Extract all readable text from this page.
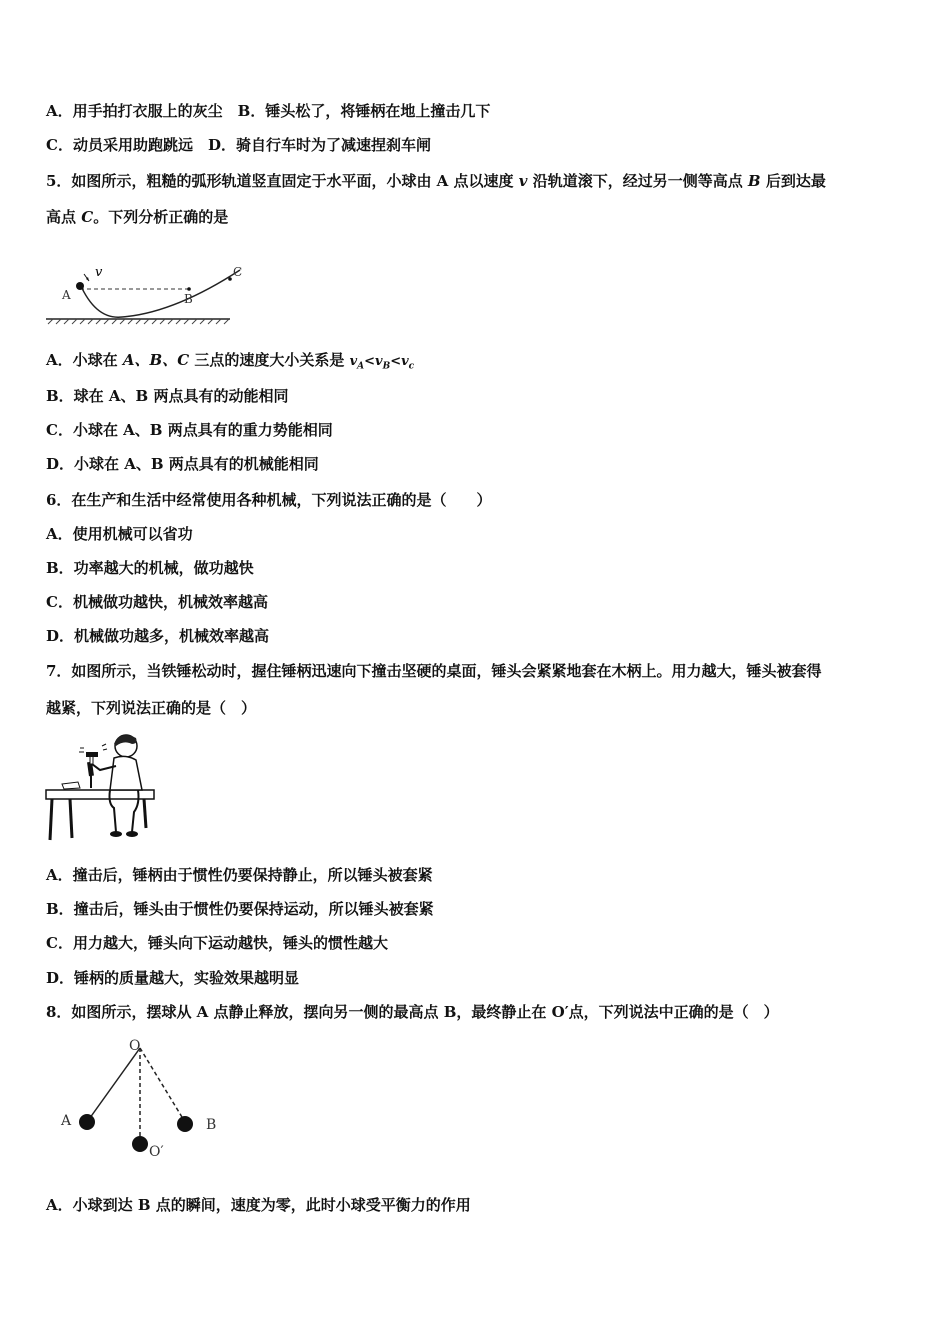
A．用手拍打衣服上的灰尘　B．锤头松了，将锤柄在地上撞击几下
C．动员采用助跑跳远　D．骑自行车时为了减速捏刹车闸
5．如图所示，粗糙的弧形轨道竖直固定于水平面，小球由 A 点以速度 v 沿轨道滚下，经过另一侧等高点 B 后到达最
高点 C。下列分析正确的是
v
A	B
C
A．小球在 A、B、C 三点的速度大小关系是 $v_A<v_B<v_c$
B．球在 A、B 两点具有的动能相同
C．小球在 A、B 两点具有的重力势能相同
D．小球在 A、B 两点具有的机械能相同
6．在生产和生活中经常使用各种机械，下列说法正确的是（　　）
A．使用机械可以省功
B．功率越大的机械，做功越快
C．机械做功越快，机械效率越高
D．机械做功越多，机械效率越高
7．如图所示，当铁锤松动时，握住锤柄迅速向下撞击坚硬的桌面，锤头会紧紧地套在木柄上。用力越大，锤头被套得
越紧，下列说法正确的是（　）
A．撞击后，锤柄由于惯性仍要保持静止，所以锤头被套紧
B．撞击后，锤头由于惯性仍要保持运动，所以锤头被套紧
C．用力越大，锤头向下运动越快，锤头的惯性越大
D．锤柄的质量越大，实验效果越明显
8．如图所示，摆球从 A 点静止释放，摆向另一侧的最高点 B，最终静止在 O′点，下列说法中正确的是（　）
O
A	B
O′
A．小球到达 B 点的瞬间，速度为零，此时小球受平衡力的作用
